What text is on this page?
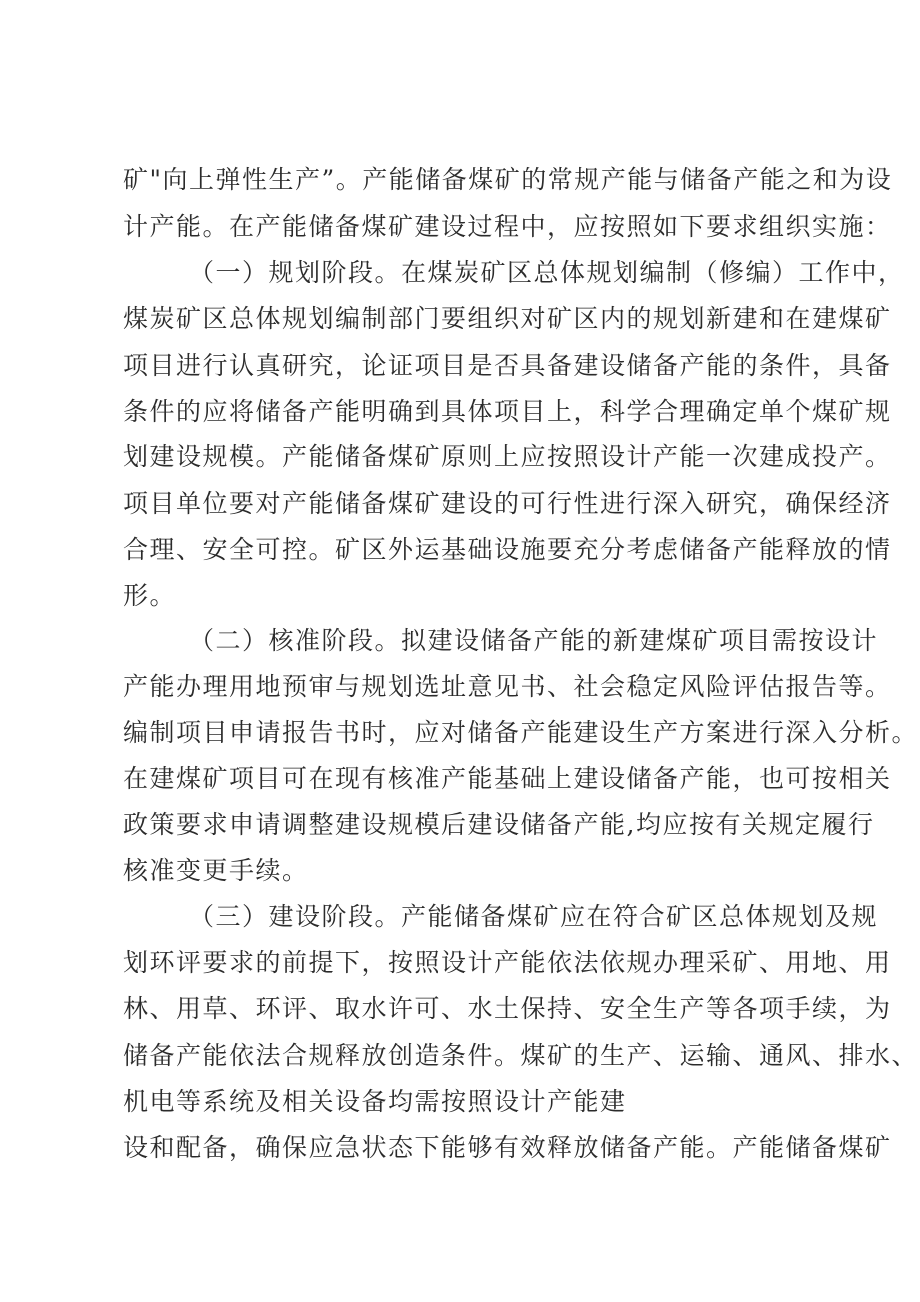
矿"向上弹性生产”。产能储备煤矿的常规产能与储备产能之和为设

计产能。在产能储备煤矿建设过程中，应按照如下要求组织实施：

（一）规划阶段。在煤炭矿区总体规划编制（修编）工作中，

煤炭矿区总体规划编制部门要组织对矿区内的规划新建和在建煤矿

项目进行认真研究，论证项目是否具备建设储备产能的条件，具备

条件的应将储备产能明确到具体项目上，科学合理确定单个煤矿规

划建设规模。产能储备煤矿原则上应按照设计产能一次建成投产。

项目单位要对产能储备煤矿建设的可行性进行深入研究，确保经济

合理、安全可控。矿区外运基础设施要充分考虑储备产能释放的情

形。

（二）核准阶段。拟建设储备产能的新建煤矿项目需按设计

产能办理用地预审与规划选址意见书、社会稳定风险评估报告等。

编制项目申请报告书时，应对储备产能建设生产方案进行深入分析。

在建煤矿项目可在现有核准产能基础上建设储备产能，也可按相关

政策要求申请调整建设规模后建设储备产能,均应按有关规定履行

核准变更手续。

（三）建设阶段。产能储备煤矿应在符合矿区总体规划及规

划环评要求的前提下，按照设计产能依法依规办理采矿、用地、用

林、用草、环评、取水许可、水土保持、安全生产等各项手续，为

储备产能依法合规释放创造条件。煤矿的生产、运输、通风、排水、

机电等系统及相关设备均需按照设计产能建

设和配备，确保应急状态下能够有效释放储备产能。产能储备煤矿
